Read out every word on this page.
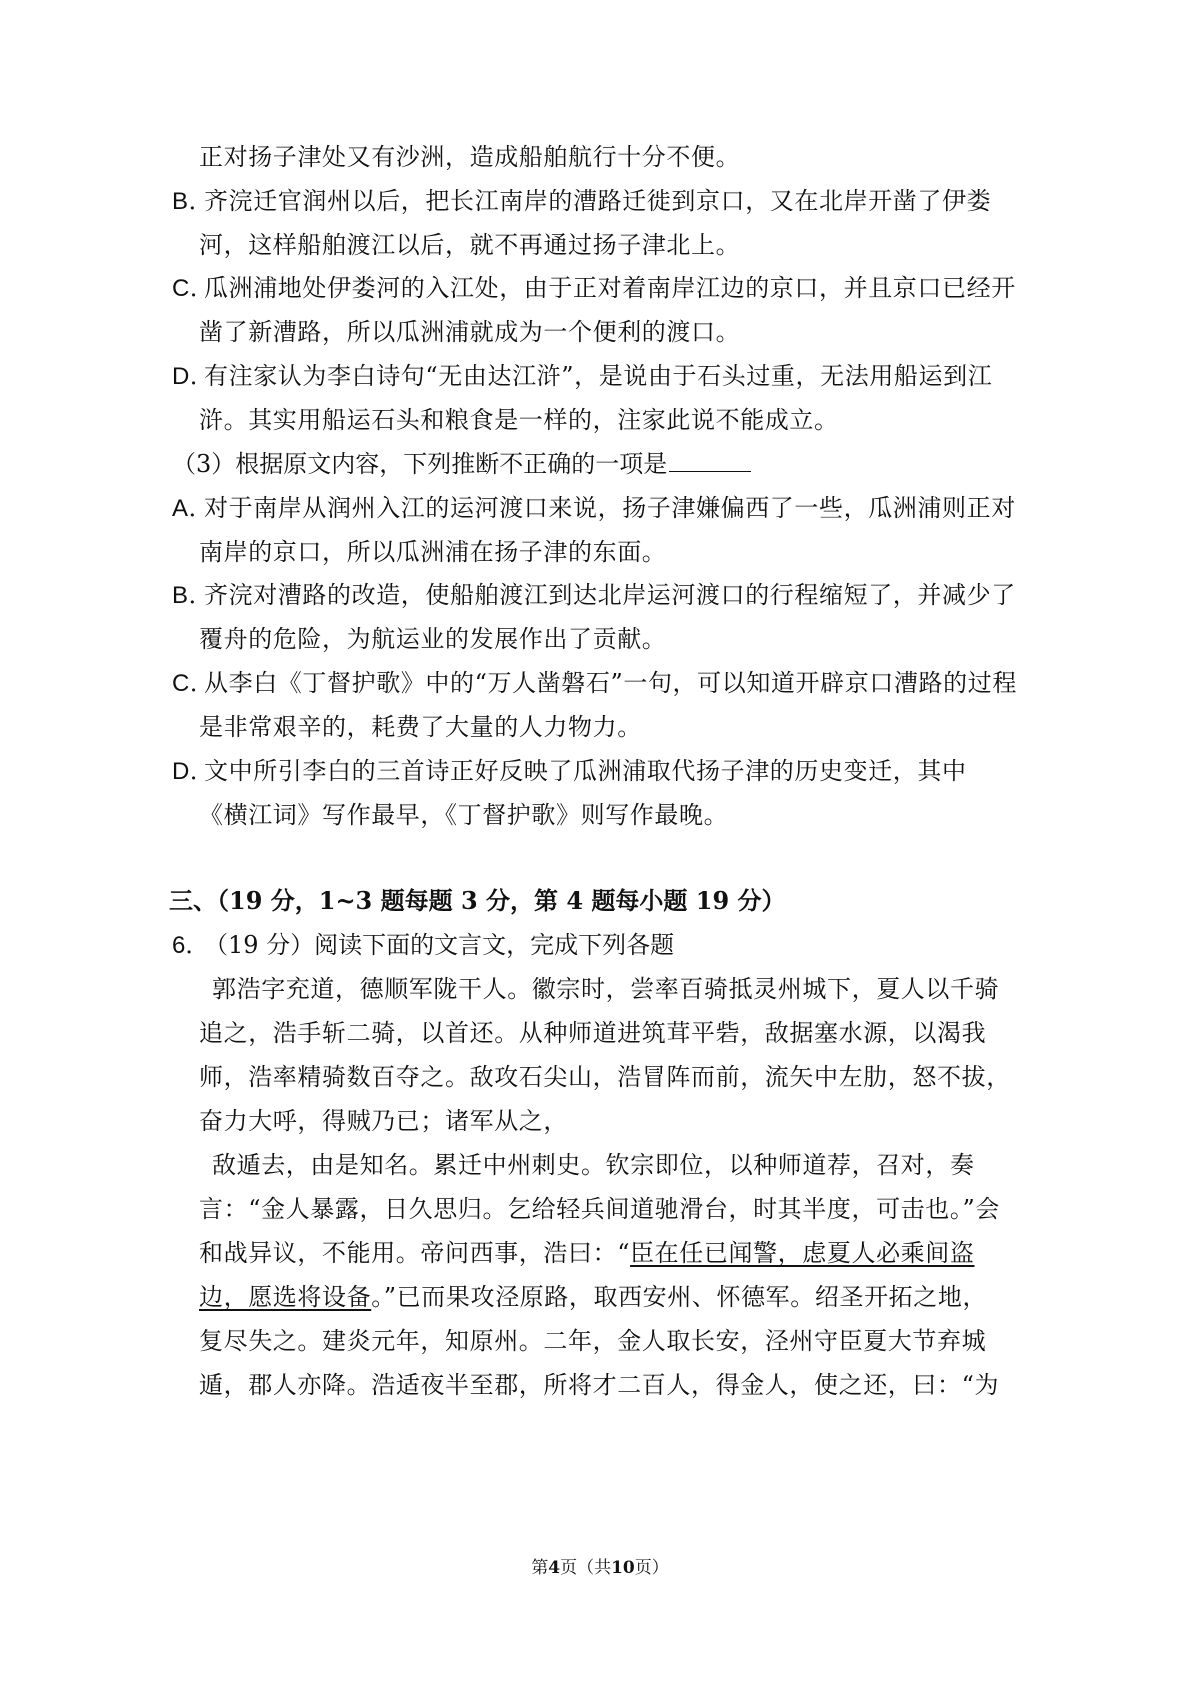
正对扬子津处又有沙洲，造成船舶航行十分不便。
B．齐浣迁官润州以后，把长江南岸的漕路迁徙到京口，又在北岸开凿了伊娄
河，这样船舶渡江以后，就不再通过扬子津北上。
C．瓜洲浦地处伊娄河的入江处，由于正对着南岸江边的京口，并且京口已经开
凿了新漕路，所以瓜洲浦就成为一个便利的渡口。
D．有注家认为李白诗句“无由达江浒”，是说由于石头过重，无法用船运到江
浒。其实用船运石头和粮食是一样的，注家此说不能成立。
（3）根据原文内容，下列推断不正确的一项是
A．对于南岸从润州入江的运河渡口来说，扬子津嫌偏西了一些，瓜洲浦则正对
南岸的京口，所以瓜洲浦在扬子津的东面。
B．齐浣对漕路的改造，使船舶渡江到达北岸运河渡口的行程缩短了，并减少了
覆舟的危险，为航运业的发展作出了贡献。
C．从李白《丁督护歌》中的“万人凿磐石”一句，可以知道开辟京口漕路的过程
是非常艰辛的，耗费了大量的人力物力。
D．文中所引李白的三首诗正好反映了瓜洲浦取代扬子津的历史变迁，其中
《横江词》写作最早，《丁督护歌》则写作最晚。
三、（19 分，1~3 题每题 3 分，第 4 题每小题 19 分）
6．（19 分）阅读下面的文言文，完成下列各题
郭浩字充道，德顺军陇干人。徽宗时，尝率百骑抵灵州城下，夏人以千骑
追之，浩手斩二骑，以首还。从种师道进筑茸平砦，敌据塞水源，以渴我
师，浩率精骑数百夺之。敌攻石尖山，浩冒阵而前，流矢中左肋，怒不拔，
奋力大呼，得贼乃已；诸军从之，
敌遁去，由是知名。累迁中州刺史。钦宗即位，以种师道荐，召对，奏
言：“金人暴露，日久思归。乞给轻兵间道驰滑台，时其半度，可击也。”会
和战异议，不能用。帝问西事，浩曰：“臣在任已闻警，虑夏人必乘间盗
边，愿选将设备。”已而果攻泾原路，取西安州、怀德军。绍圣开拓之地，
复尽失之。建炎元年，知原州。二年，金人取长安，泾州守臣夏大节弃城
遁，郡人亦降。浩适夜半至郡，所将才二百人，得金人，使之还，曰：“为
第4页（共10页）
